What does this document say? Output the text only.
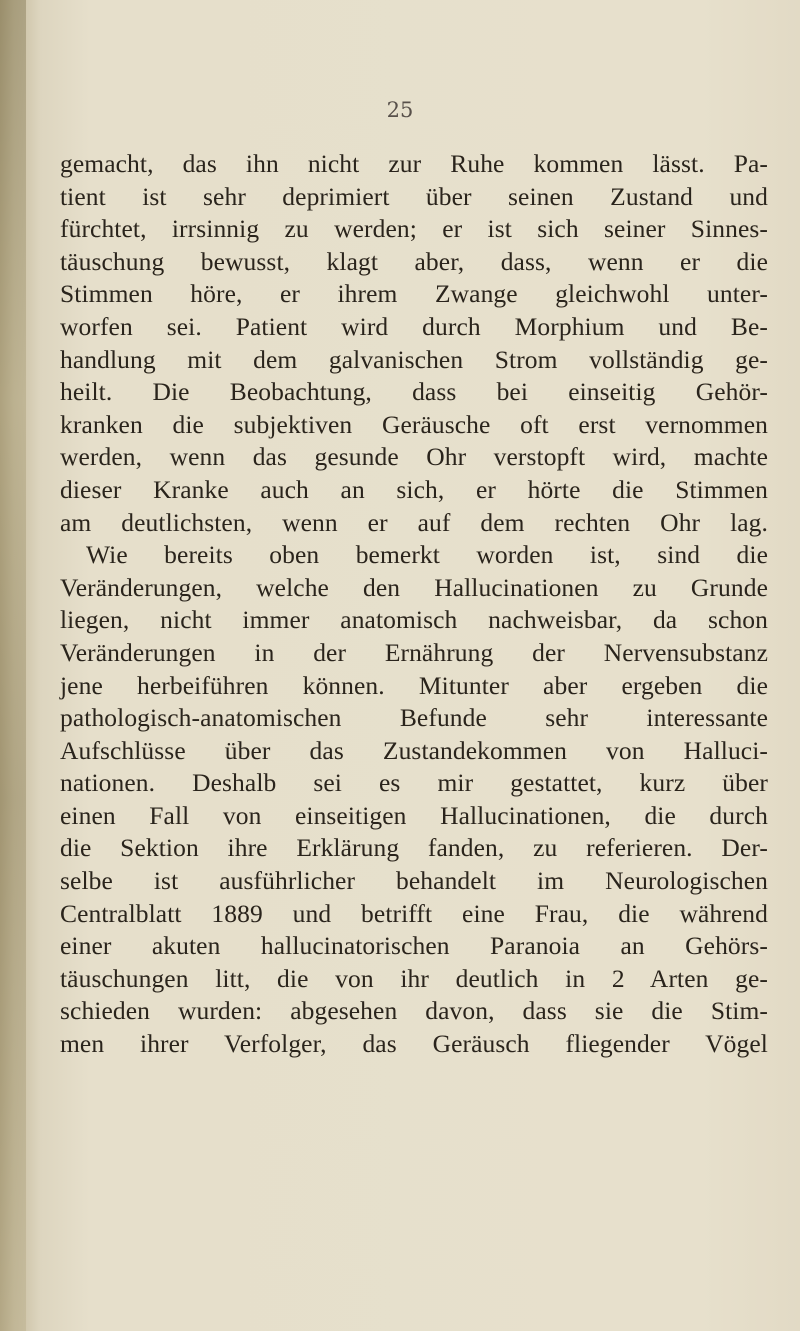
25
gemacht, das ihn nicht zur Ruhe kommen lässt. Pa-
tient ist sehr deprimiert über seinen Zustand und
fürchtet, irrsinnig zu werden; er ist sich seiner Sinnes-
täuschung bewusst, klagt aber, dass, wenn er die
Stimmen höre, er ihrem Zwange gleichwohl unter-
worfen sei. Patient wird durch Morphium und Be-
handlung mit dem galvanischen Strom vollständig ge-
heilt. Die Beobachtung, dass bei einseitig Gehör-
kranken die subjektiven Geräusche oft erst vernommen
werden, wenn das gesunde Ohr verstopft wird, machte
dieser Kranke auch an sich, er hörte die Stimmen
am deutlichsten, wenn er auf dem rechten Ohr lag.
Wie bereits oben bemerkt worden ist, sind die
Veränderungen, welche den Hallucinationen zu Grunde
liegen, nicht immer anatomisch nachweisbar, da schon
Veränderungen in der Ernährung der Nervensubstanz
jene herbeiführen können. Mitunter aber ergeben die
pathologisch-anatomischen Befunde sehr interessante
Aufschlüsse über das Zustandekommen von Halluci-
nationen. Deshalb sei es mir gestattet, kurz über
einen Fall von einseitigen Hallucinationen, die durch
die Sektion ihre Erklärung fanden, zu referieren. Der-
selbe ist ausführlicher behandelt im Neurologischen
Centralblatt 1889 und betrifft eine Frau, die während
einer akuten hallucinatorischen Paranoia an Gehörs-
täuschungen litt, die von ihr deutlich in 2 Arten ge-
schieden wurden: abgesehen davon, dass sie die Stim-
men ihrer Verfolger, das Geräusch fliegender Vögel
